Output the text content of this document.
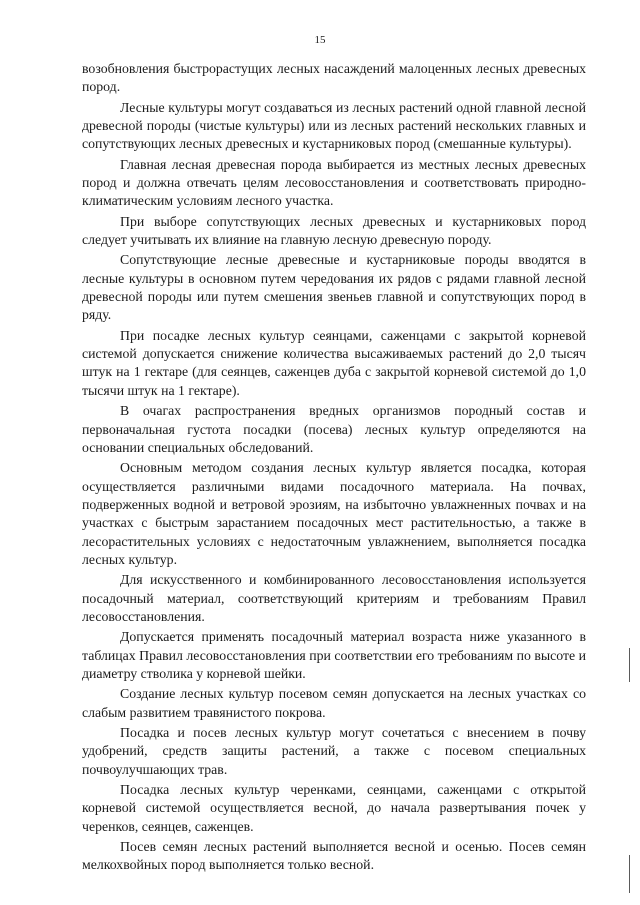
15

возобновления быстрорастущих лесных насаждений малоценных лесных древесных пород.

Лесные культуры могут создаваться из лесных растений одной главной лесной древесной породы (чистые культуры) или из лесных растений нескольких главных и сопутствующих лесных древесных и кустарниковых пород (смешанные культуры).

Главная лесная древесная порода выбирается из местных лесных древесных пород и должна отвечать целям лесовосстановления и соответствовать природно-климатическим условиям лесного участка.

При выборе сопутствующих лесных древесных и кустарниковых пород следует учитывать их влияние на главную лесную древесную породу.

Сопутствующие лесные древесные и кустарниковые породы вводятся в лесные культуры в основном путем чередования их рядов с рядами главной лесной древесной породы или путем смешения звеньев главной и сопутствующих пород в ряду.

При посадке лесных культур сеянцами, саженцами с закрытой корневой системой допускается снижение количества высаживаемых растений до 2,0 тысяч штук на 1 гектаре (для сеянцев, саженцев дуба с закрытой корневой системой до 1,0 тысячи штук на 1 гектаре).

В очагах распространения вредных организмов породный состав и первоначальная густота посадки (посева) лесных культур определяются на основании специальных обследований.

Основным методом создания лесных культур является посадка, которая осуществляется различными видами посадочного материала. На почвах, подверженных водной и ветровой эрозиям, на избыточно увлажненных почвах и на участках с быстрым зарастанием посадочных мест растительностью, а также в лесорастительных условиях с недостаточным увлажнением, выполняется посадка лесных культур.

Для искусственного и комбинированного лесовосстановления используется посадочный материал, соответствующий критериям и требованиям Правил лесовосстановления.

Допускается применять посадочный материал возраста ниже указанного в таблицах Правил лесовосстановления при соответствии его требованиям по высоте и диаметру стволика у корневой шейки.

Создание лесных культур посевом семян допускается на лесных участках со слабым развитием травянистого покрова.

Посадка и посев лесных культур могут сочетаться с внесением в почву удобрений, средств защиты растений, а также с посевом специальных почвоулучшающих трав.

Посадка лесных культур черенками, сеянцами, саженцами с открытой корневой системой осуществляется весной, до начала развертывания почек у черенков, сеянцев, саженцев.

Посев семян лесных растений выполняется весной и осенью. Посев семян мелкохвойных пород выполняется только весной.
